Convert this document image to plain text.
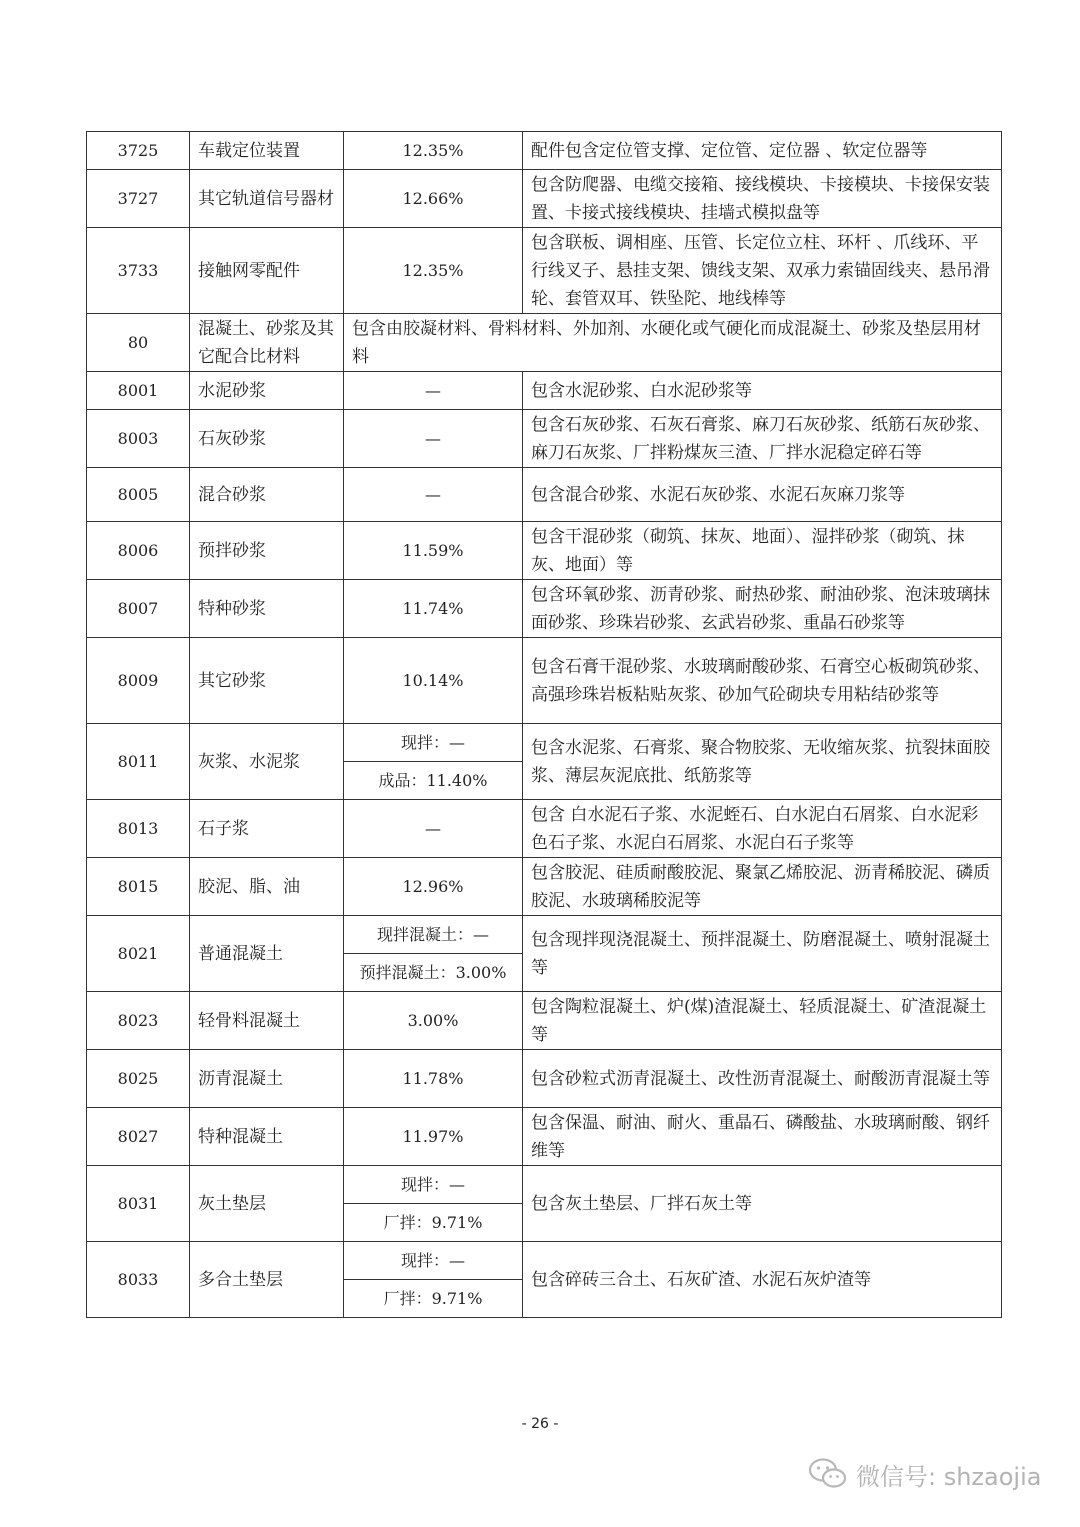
3725	车载定位装置	12.35%	配件包含定位管支撑、定位管、定位器 、软定位器等
3727	其它轨道信号器材	12.66%	包含防爬器、电缆交接箱、接线模块、卡接模块、卡接保安装置、卡接式接线模块、挂墙式模拟盘等
3733	接触网零配件	12.35%	包含联板、调相座、压管、长定位立柱、环杆 、爪线环、平行线叉子、悬挂支架、馈线支架、双承力索锚固线夹、悬吊滑轮、套管双耳、铁坠陀、地线棒等
80	混凝土、砂浆及其它配合比材料	包含由胶凝材料、骨料材料、外加剂、水硬化或气硬化而成混凝土、砂浆及垫层用材料	
8001	水泥砂浆	—	包含水泥砂浆、白水泥砂浆等
8003	石灰砂浆	—	包含石灰砂浆、石灰石膏浆、麻刀石灰砂浆、纸筋石灰砂浆、麻刀石灰浆、厂拌粉煤灰三渣、厂拌水泥稳定碎石等
8005	混合砂浆	—	包含混合砂浆、水泥石灰砂浆、水泥石灰麻刀浆等
8006	预拌砂浆	11.59%	包含干混砂浆（砌筑、抹灰、地面）、湿拌砂浆（砌筑、抹灰、地面）等
8007	特种砂浆	11.74%	包含环氧砂浆、沥青砂浆、耐热砂浆、耐油砂浆、泡沫玻璃抹面砂浆、珍珠岩砂浆、玄武岩砂浆、重晶石砂浆等
8009	其它砂浆	10.14%	包含石膏干混砂浆、水玻璃耐酸砂浆、石膏空心板砌筑砂浆、高强珍珠岩板粘贴灰浆、砂加气砼砌块专用粘结砂浆等
8011	灰浆、水泥浆	现拌：—	包含水泥浆、石膏浆、聚合物胶浆、无收缩灰浆、抗裂抹面胶浆、薄层灰泥底批、纸筋浆等
		成品：11.40%	
8013	石子浆	—	包含 白水泥石子浆、水泥蛭石、白水泥白石屑浆、白水泥彩色石子浆、水泥白石屑浆、水泥白石子浆等
8015	胶泥、脂、油	12.96%	包含胶泥、硅质耐酸胶泥、聚氯乙烯胶泥、沥青稀胶泥、磷质胶泥、水玻璃稀胶泥等
8021	普通混凝土	现拌混凝土：—	包含现拌现浇混凝土、预拌混凝土、防磨混凝土、喷射混凝土等
		预拌混凝土：3.00%	
8023	轻骨料混凝土	3.00%	包含陶粒混凝土、炉(煤)渣混凝土、轻质混凝土、矿渣混凝土等
8025	沥青混凝土	11.78%	包含砂粒式沥青混凝土、改性沥青混凝土、耐酸沥青混凝土等
8027	特种混凝土	11.97%	包含保温、耐油、耐火、重晶石、磷酸盐、水玻璃耐酸、钢纤维等
8031	灰土垫层	现拌：—	包含灰土垫层、厂拌石灰土等
		厂拌：9.71%	
8033	多合土垫层	现拌：—	包含碎砖三合土、石灰矿渣、水泥石灰炉渣等
		厂拌：9.71%	
- 26 -
微信号: shzaojia
